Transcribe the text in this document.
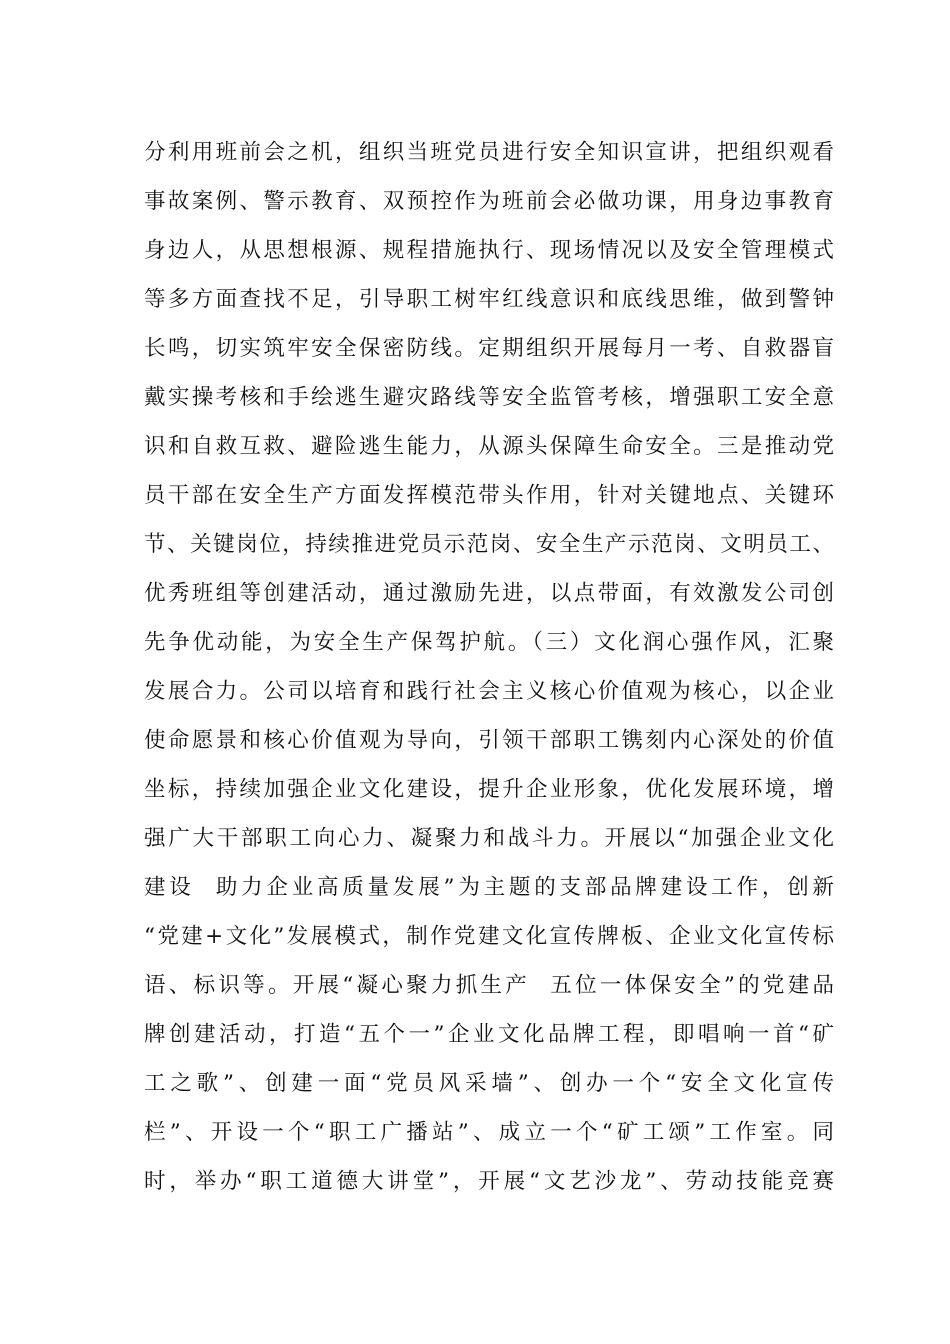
分利用班前会之机，组织当班党员进行安全知识宣讲，把组织观看
事故案例、警示教育、双预控作为班前会必做功课，用身边事教育
身边人，从思想根源、规程措施执行、现场情况以及安全管理模式
等多方面查找不足，引导职工树牢红线意识和底线思维，做到警钟
长鸣，切实筑牢安全保密防线。定期组织开展每月一考、自救器盲
戴实操考核和手绘逃生避灾路线等安全监管考核，增强职工安全意
识和自救互救、避险逃生能力，从源头保障生命安全。三是推动党
员干部在安全生产方面发挥模范带头作用，针对关键地点、关键环
节、关键岗位，持续推进党员示范岗、安全生产示范岗、文明员工、
优秀班组等创建活动，通过激励先进，以点带面，有效激发公司创
先争优动能，为安全生产保驾护航。（三）文化润心强作风，汇聚
发展合力。公司以培育和践行社会主义核心价值观为核心，以企业
使命愿景和核心价值观为导向，引领干部职工镌刻内心深处的价值
坐标，持续加强企业文化建设，提升企业形象，优化发展环境，增
强广大干部职工向心力、凝聚力和战斗力。开展以“加强企业文化
建设  助力企业高质量发展”为主题的支部品牌建设工作，创新
“党建+文化”发展模式，制作党建文化宣传牌板、企业文化宣传标
语、标识等。开展“凝心聚力抓生产  五位一体保安全”的党建品
牌创建活动，打造“五个一”企业文化品牌工程，即唱响一首“矿
工之歌”、创建一面“党员风采墙”、创办一个“安全文化宣传
栏”、开设一个“职工广播站”、成立一个“矿工颂”工作室。同
时，举办“职工道德大讲堂”，开展“文艺沙龙”、劳动技能竞赛
